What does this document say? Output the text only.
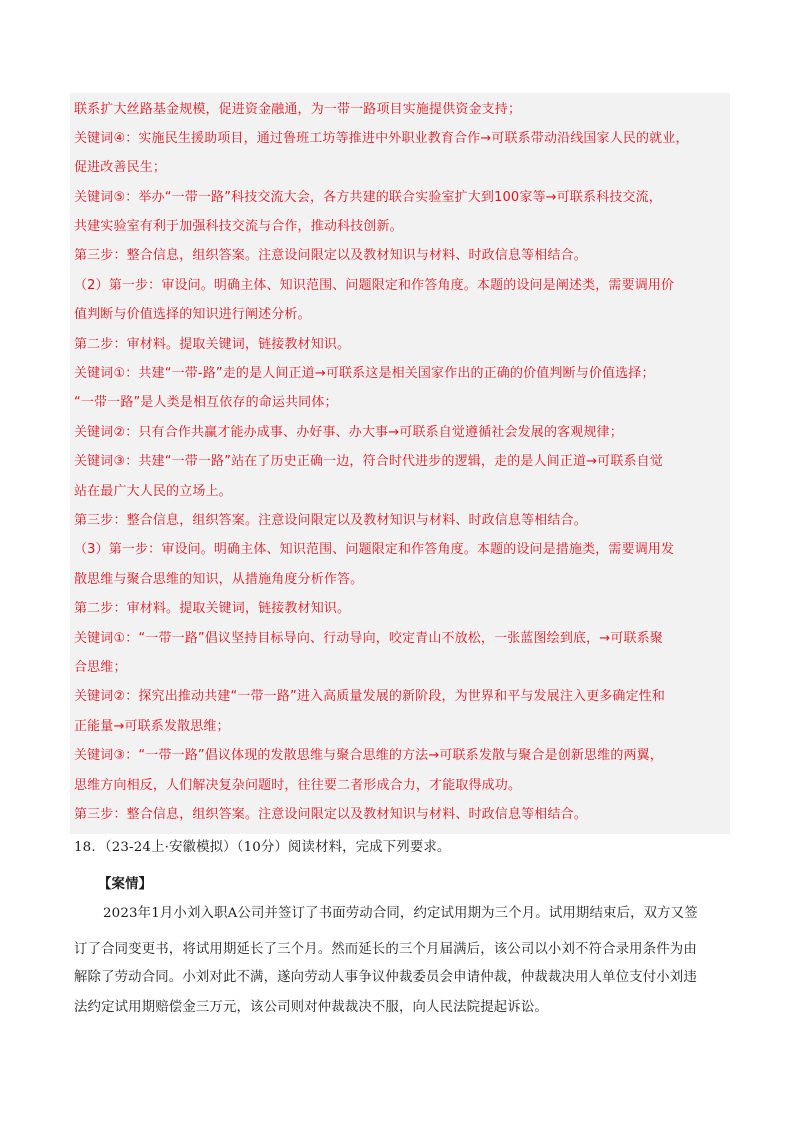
联系扩大丝路基金规模，促进资金融通，为一带一路项目实施提供资金支持；
关键词④：实施民生援助项目，通过鲁班工坊等推进中外职业教育合作→可联系带动沿线国家人民的就业，
促进改善民生；
关键词⑤：举办“一带一路”科技交流大会，各方共建的联合实验室扩大到100家等→可联系科技交流，
共建实验室有利于加强科技交流与合作，推动科技创新。
第三步：整合信息，组织答案。注意设问限定以及教材知识与材料、时政信息等相结合。
（2）第一步：审设问。明确主体、知识范围、问题限定和作答角度。本题的设问是阐述类，需要调用价
值判断与价值选择的知识进行阐述分析。
第二步：审材料。提取关键词，链接教材知识。
关键词①：共建“一带-路”走的是人间正道→可联系这是相关国家作出的正确的价值判断与价值选择；
“一带一路”是人类是相互依存的命运共同体；
关键词②：只有合作共赢才能办成事、办好事、办大事→可联系自觉遵循社会发展的客观规律；
关键词③：共建“一带一路”站在了历史正确一边，符合时代进步的逻辑，走的是人间正道→可联系自觉
站在最广大人民的立场上。
第三步：整合信息，组织答案。注意设问限定以及教材知识与材料、时政信息等相结合。
（3）第一步：审设问。明确主体、知识范围、问题限定和作答角度。本题的设问是措施类，需要调用发
散思维与聚合思维的知识，从措施角度分析作答。
第二步：审材料。提取关键词，链接教材知识。
关键词①：“一带一路”倡议坚持目标导向、行动导向，咬定青山不放松，一张蓝图绘到底，→可联系聚
合思维；
关键词②：探究出推动共建“一带一路”进入高质量发展的新阶段，为世界和平与发展注入更多确定性和
正能量→可联系发散思维；
关键词③：“一带一路”倡议体现的发散思维与聚合思维的方法→可联系发散与聚合是创新思维的两翼，
思维方向相反，人们解决复杂问题时，往往要二者形成合力，才能取得成功。
第三步：整合信息，组织答案。注意设问限定以及教材知识与材料、时政信息等相结合。
18．（23-24上·安徽模拟）（10分）阅读材料，完成下列要求。
【案情】
2023年1月小刘入职A公司并签订了书面劳动合同，约定试用期为三个月。试用期结束后，双方又签
订了合同变更书，将试用期延长了三个月。然而延长的三个月届满后，该公司以小刘不符合录用条件为由
解除了劳动合同。小刘对此不满，遂向劳动人事争议仲裁委员会申请仲裁，仲裁裁决用人单位支付小刘违
法约定试用期赔偿金三万元，该公司则对仲裁裁决不服，向人民法院提起诉讼。
